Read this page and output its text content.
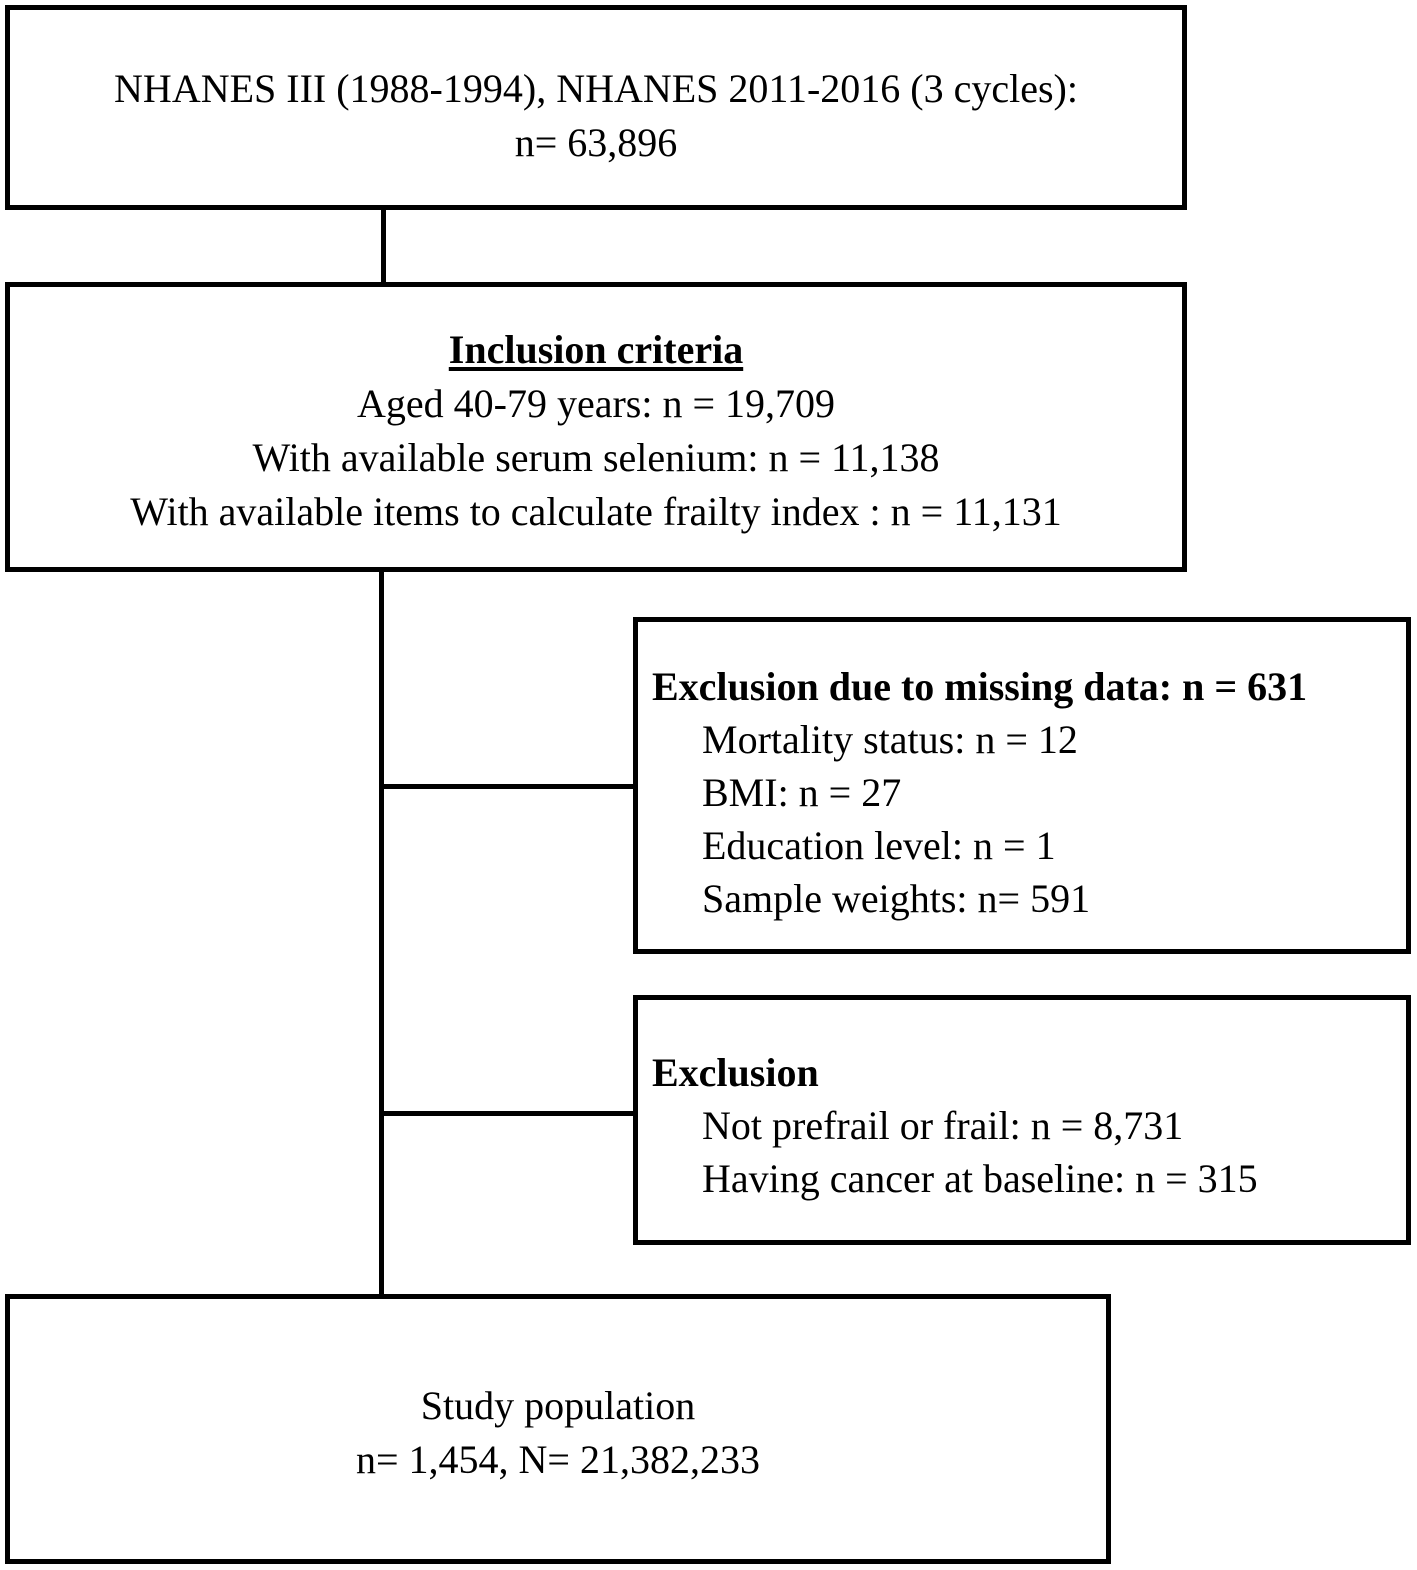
NHANES III (1988-1994), NHANES 2011-2016 (3 cycles):
n= 63,896
Inclusion criteria
Aged 40-79 years: n = 19,709
With available serum selenium: n = 11,138
With available items to calculate frailty index : n = 11,131
Exclusion due to missing data: n = 631
Mortality status: n = 12
BMI: n = 27
Education level: n = 1
Sample weights: n= 591
Exclusion
Not prefrail or frail: n = 8,731
Having cancer at baseline: n = 315
Study population
n= 1,454, N= 21,382,233
